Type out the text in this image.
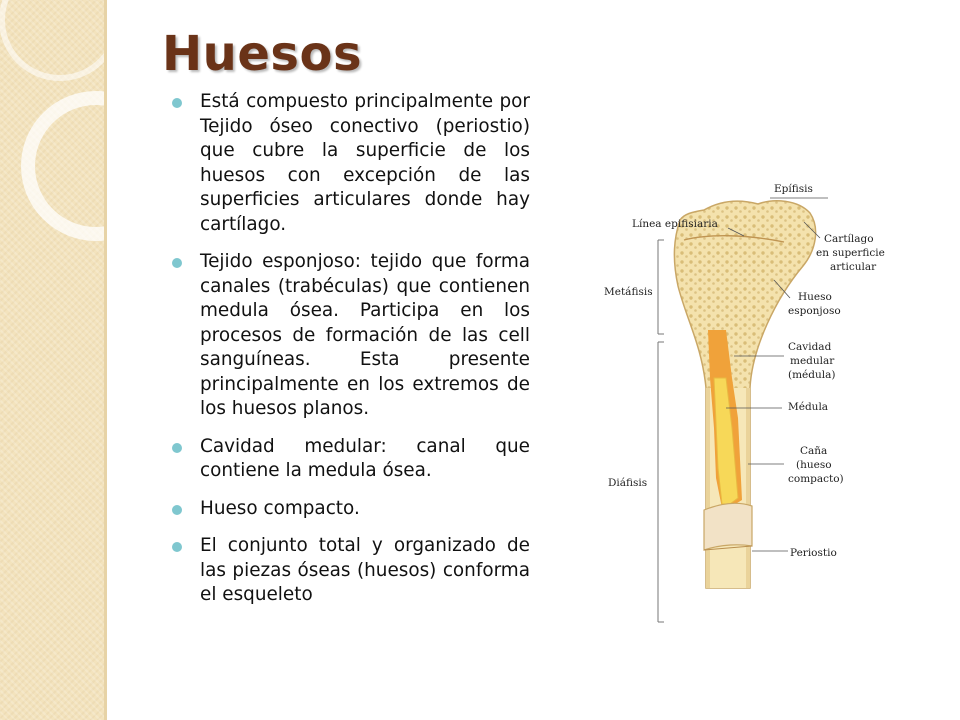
Huesos
Está compuesto principalmente por Tejido óseo conectivo (periostio) que cubre la superficie de los huesos con excepción de las superficies articulares donde hay cartílago.
Tejido esponjoso: tejido que forma canales (trabéculas) que contienen medula ósea. Participa en los procesos de formación de las cell sanguíneas. Esta presente principalmente en los extremos de los huesos planos.
Cavidad medular: canal que contiene la medula ósea.
Hueso compacto.
El conjunto total y organizado de las piezas óseas (huesos) conforma el esqueleto
Epífisis
Línea epifisiaria
Cartílago
en superficie
articular
Metáfisis	Hueso
esponjoso
Cavidad
medular
(médula)
Médula
Caña
(hueso
compacto)
Diáfisis
Periostio
